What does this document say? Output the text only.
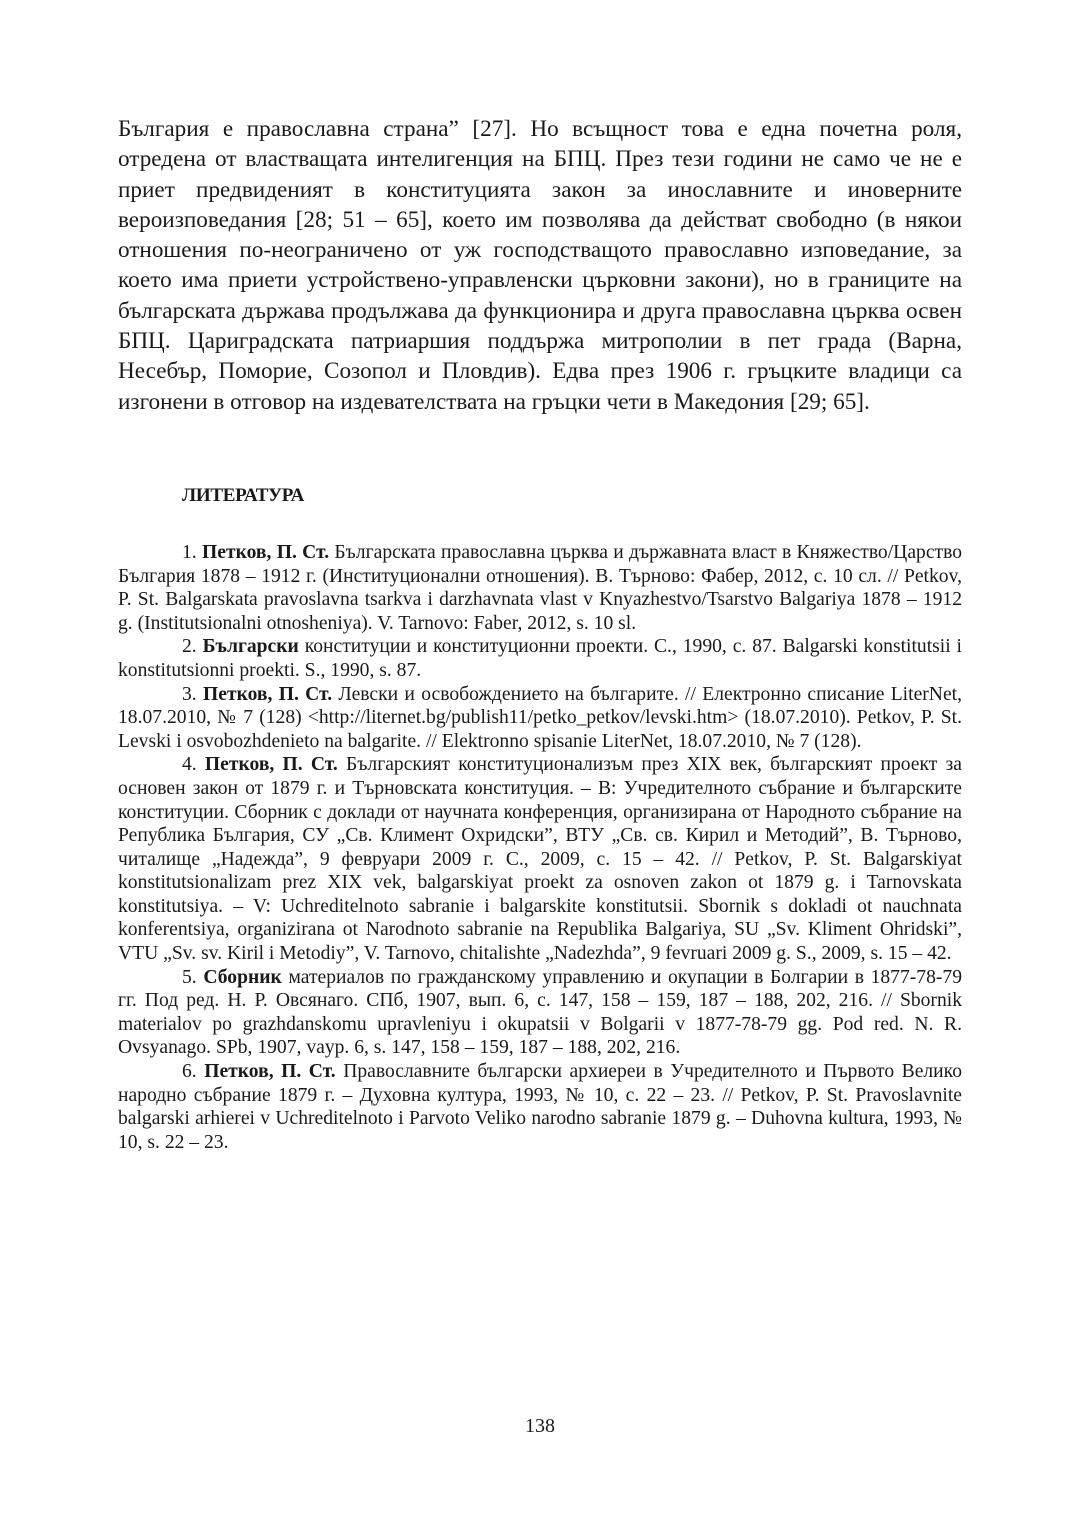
България е православна страна” [27]. Но всъщност това е една почетна роля, отредена от властващата интелигенция на БПЦ. През тези години не само че не е приет предвиденият в конституцията закон за инославните и иноверните вероизповедания [28; 51 – 65], което им позволява да действат свободно (в някои отношения по-неограничено от уж господстващото православно изповедание, за което има приети устройствено-управленски църковни закони), но в границите на българската държава продължава да функционира и друга православна църква освен БПЦ. Цариградската патриаршия поддържа митрополии в пет града (Варна, Несебър, Поморие, Созопол и Пловдив). Едва през 1906 г. гръцките владици са изгонени в отговор на издевателствата на гръцки чети в Македония [29; 65].

ЛИТЕРАТУРА

1. Петков, П. Ст. Българската православна църква и държавната власт в Княжество/Царство България 1878 – 1912 г. (Институционални отношения). В. Търново: Фабер, 2012, с. 10 сл. // Petkov, P. St. Balgarskata pravoslavna tsarkva i darzhavnata vlast v Knyazhestvo/Tsarstvo Balgariya 1878 – 1912 g. (Institutsionalni otnosheniya). V. Tarnovo: Faber, 2012, s. 10 sl.

2. Български конституции и конституционни проекти. С., 1990, с. 87. Balgarski konstitutsii i konstitutsionni proekti. S., 1990, s. 87.

3. Петков, П. Ст. Левски и освобождението на българите. // Електронно списание LiterNet, 18.07.2010, № 7 (128) <http://liternet.bg/publish11/petko_petkov/levski.htm> (18.07.2010). Petkov, P. St. Levski i osvobozhdenieto na balgarite. // Elektronno spisanie LiterNet, 18.07.2010, № 7 (128).

4. Петков, П. Ст. Българският конституционализъм през ХІХ век, българският проект за основен закон от 1879 г. и Търновската конституция. – В: Учредителното събрание и българските конституции. Сборник с доклади от научната конференция, организирана от Народното събрание на Република България, СУ „Св. Климент Охридски”, ВТУ „Св. св. Кирил и Методий”, В. Търново, читалище „Надежда”, 9 февруари 2009 г. С., 2009, с. 15 – 42. // Petkov, P. St. Balgarskiyat konstitutsionalizam prez XIX vek, balgarskiyat proekt za osnoven zakon ot 1879 g. i Tarnovskata konstitutsiya. – V: Uchreditelnoto sabranie i balgarskite konstitutsii. Sbornik s dokladi ot nauchnata konferentsiya, organizirana ot Narodnoto sabranie na Republika Balgariya, SU „Sv. Kliment Ohridski”, VTU „Sv. sv. Kiril i Metodiy”, V. Tarnovo, chitalishte „Nadezhda”, 9 fevruari 2009 g. S., 2009, s. 15 – 42.

5. Сборник материалов по гражданскому управлению и окупации в Болгарии в 1877-78-79 гг. Под ред. Н. Р. Овсянаго. СПб, 1907, вып. 6, с. 147, 158 – 159, 187 – 188, 202, 216. // Sbornik materialov po grazhdanskomu upravleniyu i okupatsii v Bolgarii v 1877-78-79 gg. Pod red. N. R. Ovsyanago. SPb, 1907, vayp. 6, s. 147, 158 – 159, 187 – 188, 202, 216.

6. Петков, П. Ст. Православните български архиереи в Учредителното и Първото Велико народно събрание 1879 г. – Духовна култура, 1993, № 10, с. 22 – 23. // Petkov, P. St. Pravoslavnite balgarski arhierei v Uchreditelnoto i Parvoto Veliko narodno sabranie 1879 g. – Duhovna kultura, 1993, № 10, s. 22 – 23.

138
